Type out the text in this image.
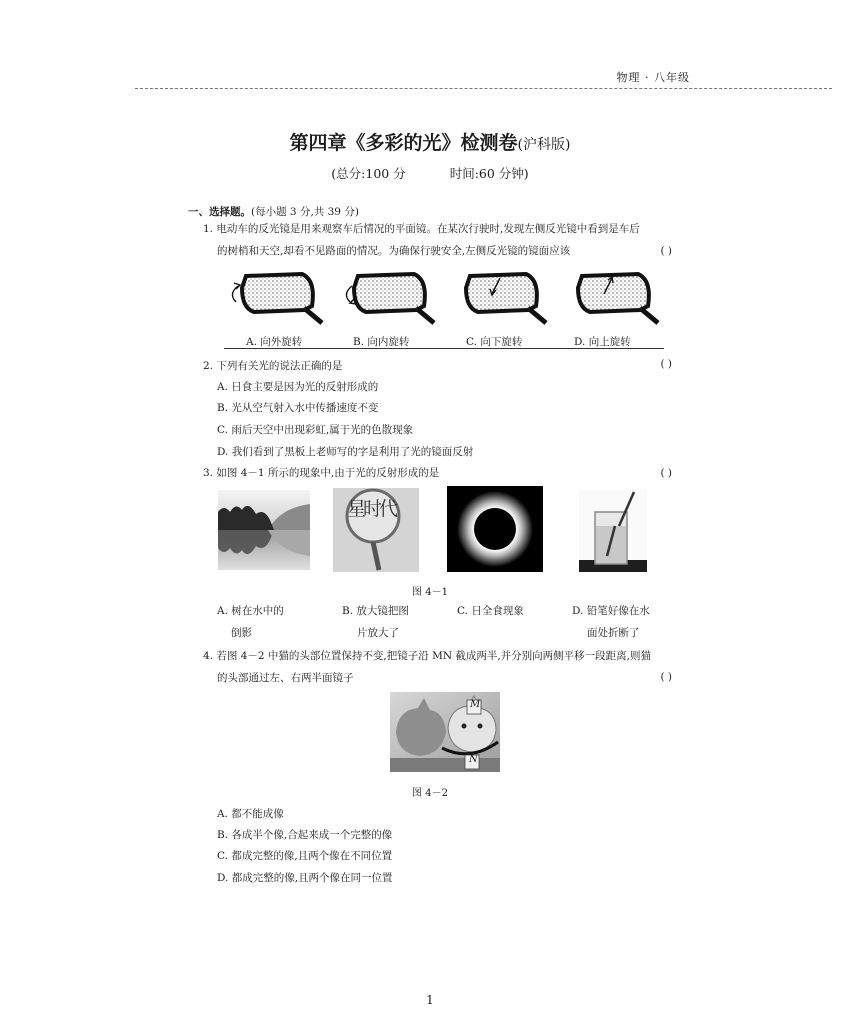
物理 · 八年级
第四章《多彩的光》检测卷(沪科版)
(总分:100 分	时间:60 分钟)
一、选择题。(每小题 3 分,共 39 分)
1. 电动车的反光镜是用来观察车后情况的平面镜。在某次行驶时,发现左侧反光镜中看到是车后
的树梢和天空,却看不见路面的情况。为确保行驶安全,左侧反光镜的镜面应该	( )
A. 向外旋转	B. 向内旋转	C. 向下旋转	D. 向上旋转
2. 下列有关光的说法正确的是	( )
A. 日食主要是因为光的反射形成的
B. 光从空气射入水中传播速度不变
C. 雨后天空中出现彩虹,属于光的色散现象
D. 我们看到了黑板上老师写的字是利用了光的镜面反射
3. 如图 4－1 所示的现象中,由于光的反射形成的是	( )
星时代
图 4－1
A. 树在水中的
倒影
B. 放大镜把图
片放大了
C. 日全食现象	D. 铅笔好像在水
面处折断了
4. 若图 4－2 中猫的头部位置保持不变,把镜子沿 MN 截成两半,并分别向两侧平移一段距离,则猫
的头部通过左、右两半面镜子	( )
M
N
图 4－2
A. 都不能成像
B. 各成半个像,合起来成一个完整的像
C. 都成完整的像,且两个像在不同位置
D. 都成完整的像,且两个像在同一位置
1
